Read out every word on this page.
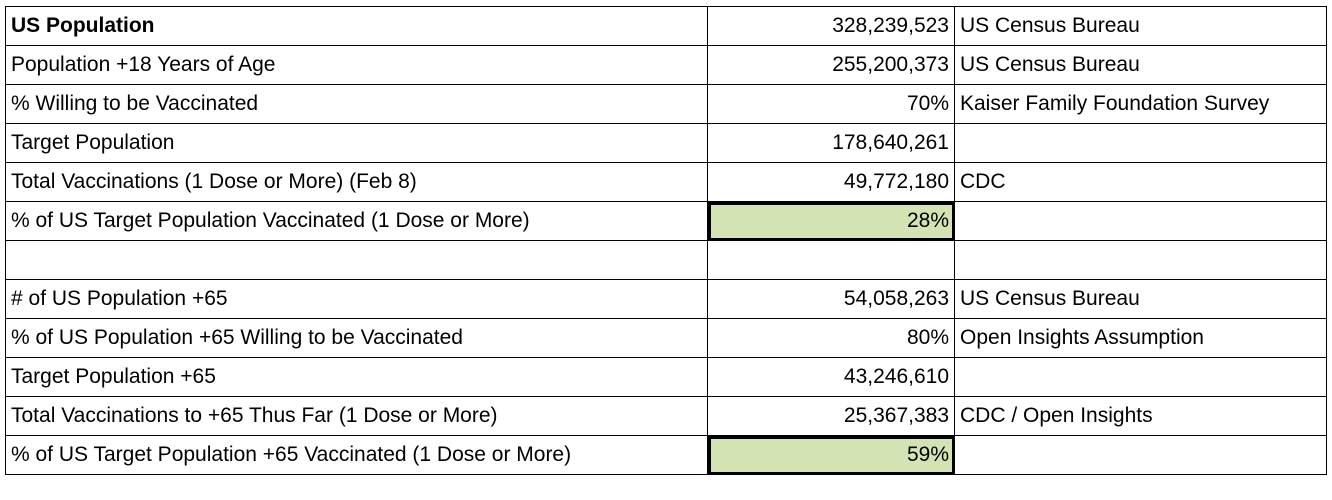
US Population	328,239,523	US Census Bureau
Population +18 Years of Age	255,200,373	US Census Bureau
% Willing to be Vaccinated	70%	Kaiser Family Foundation Survey
Target Population	178,640,261	
Total Vaccinations (1 Dose or More) (Feb 8)	49,772,180	CDC
% of US Target Population Vaccinated (1 Dose or More)	28%	

# of US Population +65	54,058,263	US Census Bureau
% of US Population +65 Willing to be Vaccinated	80%	Open Insights Assumption
Target Population +65	43,246,610	
Total Vaccinations to +65 Thus Far (1 Dose or More)	25,367,383	CDC / Open Insights
% of US Target Population +65 Vaccinated (1 Dose or More)	59%	
